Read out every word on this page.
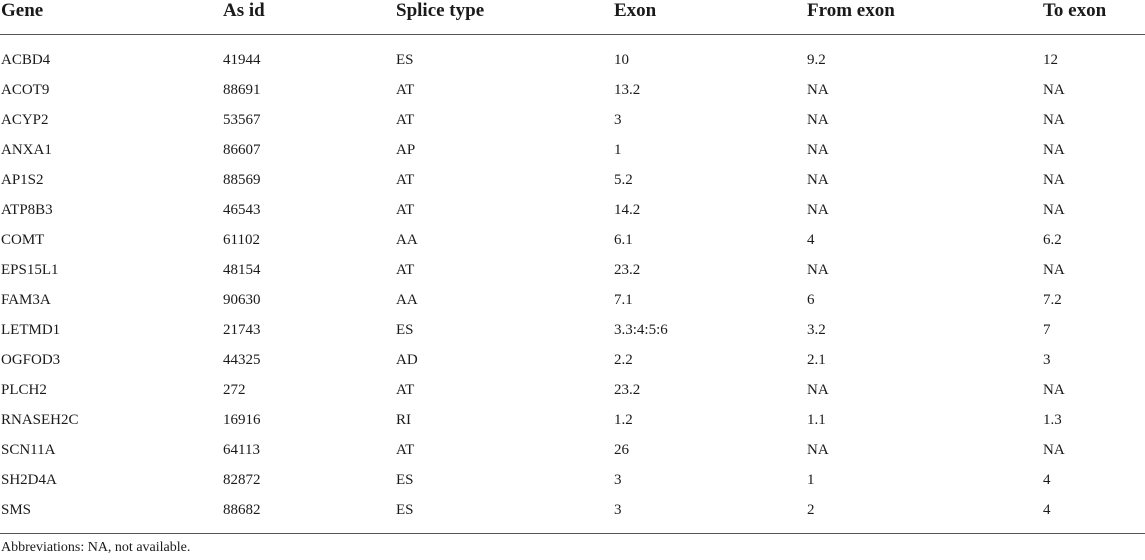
Gene	As id	Splice type	Exon	From exon	To exon
ACBD4	41944	ES	10	9.2	12
ACOT9	88691	AT	13.2	NA	NA
ACYP2	53567	AT	3	NA	NA
ANXA1	86607	AP	1	NA	NA
AP1S2	88569	AT	5.2	NA	NA
ATP8B3	46543	AT	14.2	NA	NA
COMT	61102	AA	6.1	4	6.2
EPS15L1	48154	AT	23.2	NA	NA
FAM3A	90630	AA	7.1	6	7.2
LETMD1	21743	ES	3.3:4:5:6	3.2	7
OGFOD3	44325	AD	2.2	2.1	3
PLCH2	272	AT	23.2	NA	NA
RNASEH2C	16916	RI	1.2	1.1	1.3
SCN11A	64113	AT	26	NA	NA
SH2D4A	82872	ES	3	1	4
SMS	88682	ES	3	2	4
Abbreviations: NA, not available.					
